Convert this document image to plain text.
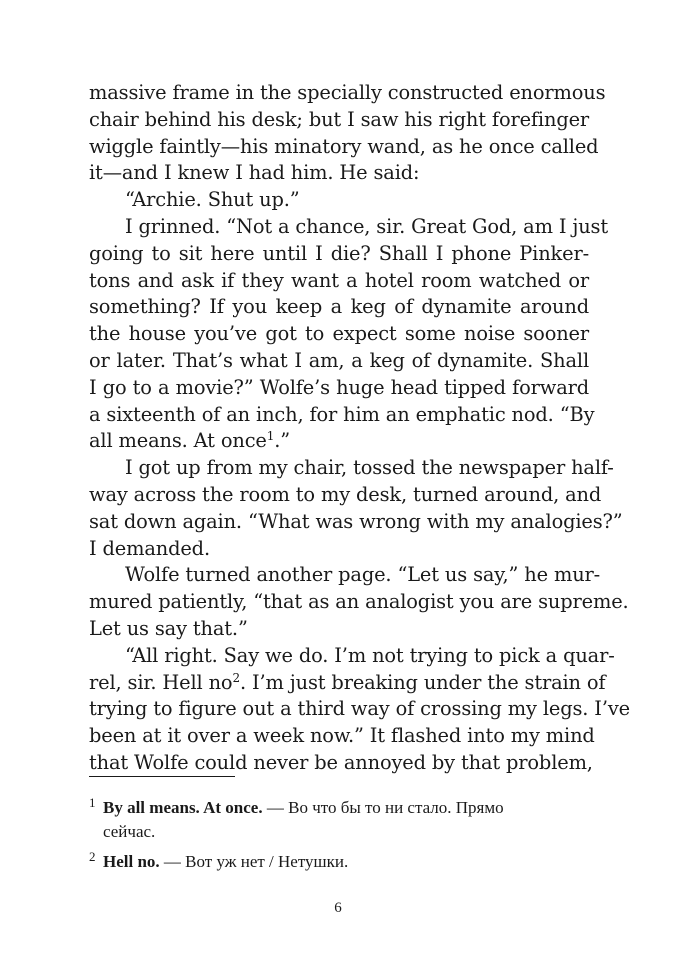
massive frame in the specially constructed enormous
chair behind his desk; but I saw his right forefinger
wiggle faintly—his minatory wand, as he once called
it—and I knew I had him. He said:
“Archie. Shut up.”
I grinned. “Not a chance, sir. Great God, am I just
going to sit here until I die? Shall I phone Pinker-
tons and ask if they want a hotel room watched or
something? If you keep a keg of dynamite around
the house you’ve got to expect some noise sooner
or later. That’s what I am, a keg of dynamite. Shall
I go to a movie?” Wolfe’s huge head tipped forward
a sixteenth of an inch, for him an emphatic nod. “By
all means. At once$^1$.”
I got up from my chair, tossed the newspaper half-
way across the room to my desk, turned around, and
sat down again. “What was wrong with my analogies?”
I demanded.
Wolfe turned another page. “Let us say,” he mur-
mured patiently, “that as an analogist you are supreme.
Let us say that.”
“All right. Say we do. I’m not trying to pick a quar-
rel, sir. Hell $no^2$. I’m just breaking under the strain of
trying to figure out a third way of crossing my legs. I’ve
been at it over a week now.” It flashed into my mind
that Wolfe could never be annoyed by that problem,
1 By all means. At once. — Во что бы то ни стало. Прямо
сейчас.
2 Hell no. — Вот уж нет / Нетушки.
6
